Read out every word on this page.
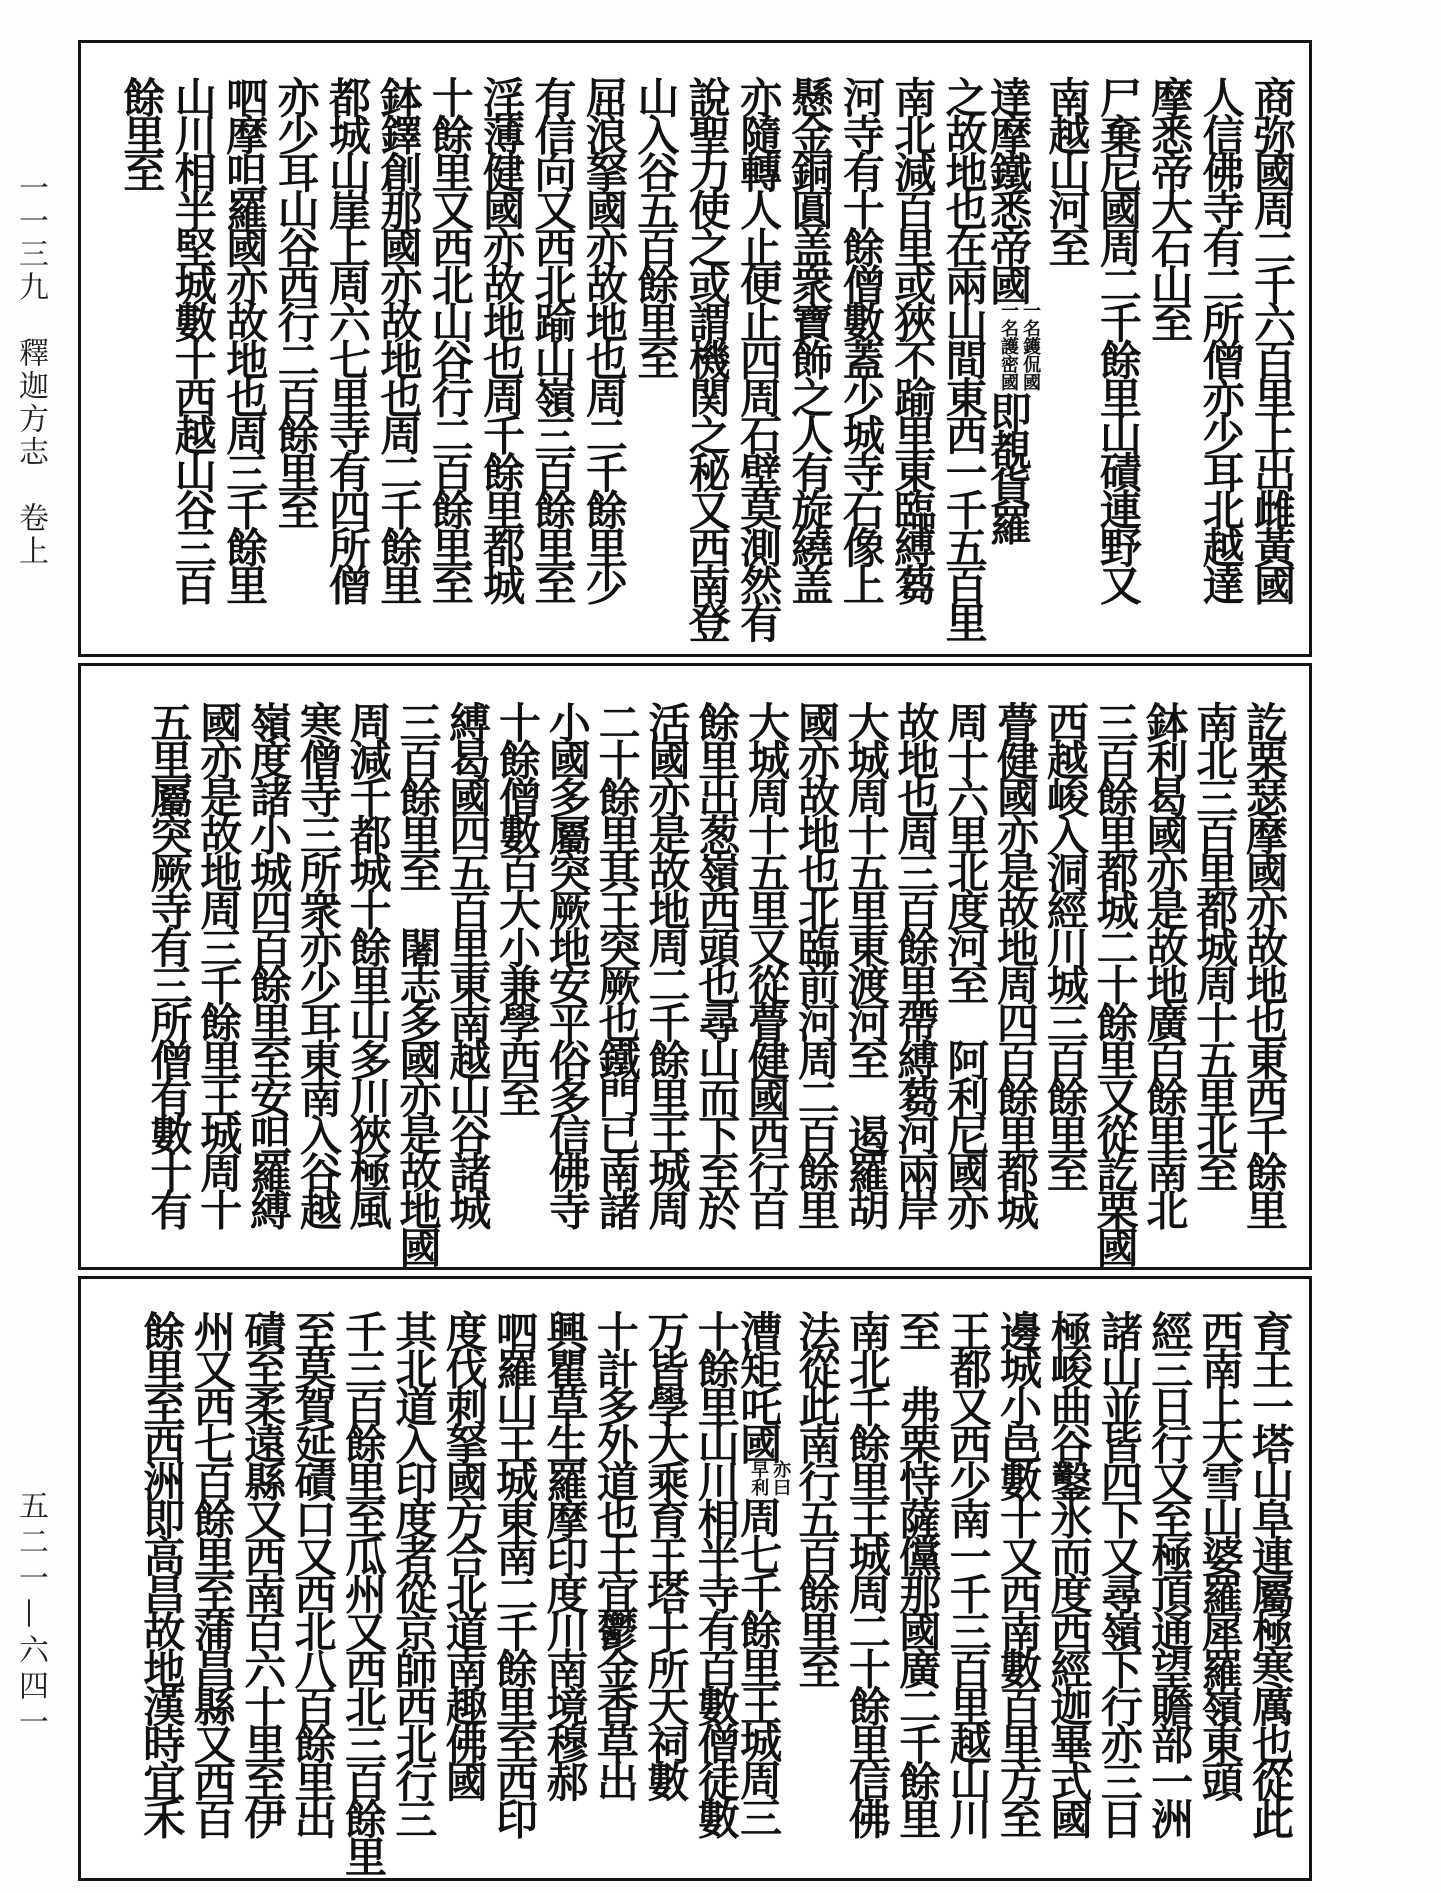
一一三九　釋迦方志　卷上
五二一—六四一
商弥國周二千六百里上出雌黃國
人信佛寺有二所僧亦少耳北越達
摩悉帝大石山至
尸棄尼國周二千餘里山磧連野又
南越山河至
達摩鐵悉帝國
一名鑊侃國
一名護密國
即覩貨羅
之故地也在兩山間東西一千五百里
南北減百里或狹不踰里東臨縛蒭
河寺有十餘僧數蓋少城寺石像上
懸金銅圓盖衆寶飾之人有旋繞盖
亦隨轉人止便止四周石壁莫測然有
說聖力使之或謂機関之秘又西南登
山入谷五百餘里至
屈浪拏國亦故地也周二千餘里少
有信向又西北踰山嶺三百餘里至
淫薄健國亦故地也周千餘里都城
十餘里又西北山谷行二百餘里至
鉢鐸創那國亦故地也周二千餘里
都城山崖上周六七里寺有四所僧
亦少耳山谷西行二百餘里至
呬摩呾羅國亦故地也周三千餘里
山川相半堅城數十西越山谷三百
餘里至
訖栗瑟摩國亦故地也東西千餘里
南北三百里都城周十五里北至
鉢利曷國亦是故地廣百餘里南北
三百餘里都城二十餘里又從訖栗國
西越峻入洞經川城三百餘里至
瞢健國亦是故地周四百餘里都城
周十六里北度河至　阿利尼國亦
故地也周三百餘里帶縛蒭河兩岸
大城周十五里東渡河至　遏羅胡
國亦故地也北臨前河周二百餘里
大城周十五里又從瞢健國西行百
餘里出葱嶺西頭也尋山而下至於
活國亦是故地周二千餘里王城周
二十餘里其王突厥也鐵門已南諸
小國多屬突厥地安平俗多信佛寺
十餘僧數百大小兼學西至
縛曷國四五百里東南越山谷諸城
三百餘里至　闍志多國亦是故地國
周減千都城十餘里山多川狹極風
寒僧寺三所衆亦少耳東南入谷越
嶺度諸小城四百餘里至安呾羅縛
國亦是故地周三千餘里王城周十
五里屬突厥寺有三所僧有數十有
育王一塔山阜連屬極寒厲也從此
西南上大雪山婆羅犀羅嶺東頭
經三日行又至極頂通望贍部一洲
諸山並皆四下又尋嶺下行亦三日
極峻曲谷鑿氷而度西經迦畢式國
邊城小邑數十又西南數百里方至
王都又西少南一千三百里越山川
至　弗栗恃薩儻那國廣二千餘里
南北千餘里王城周二十餘里信佛
法從此南行五百餘里至
漕矩吒國
亦曰
早利
周七千餘里王城周三
十餘里山川相半寺有百數僧徒數
万皆學大乘育王塔十所天祠數
十計多外道也土宜鬱金香草出
興瞿草生羅摩印度川南境穆郝
呬羅山王城東南二千餘里至西印
度伐刺拏國方合北道南趣佛國
其北道入印度者從京師西北行三
千三百餘里至瓜州又西北三百餘里
至莫賀延磧口又西北八百餘里出
磧至柔遠縣又西南百六十里至伊
州又西七百餘里至蒲昌縣又西百
餘里至西洲即高昌故地漢時宜禾
